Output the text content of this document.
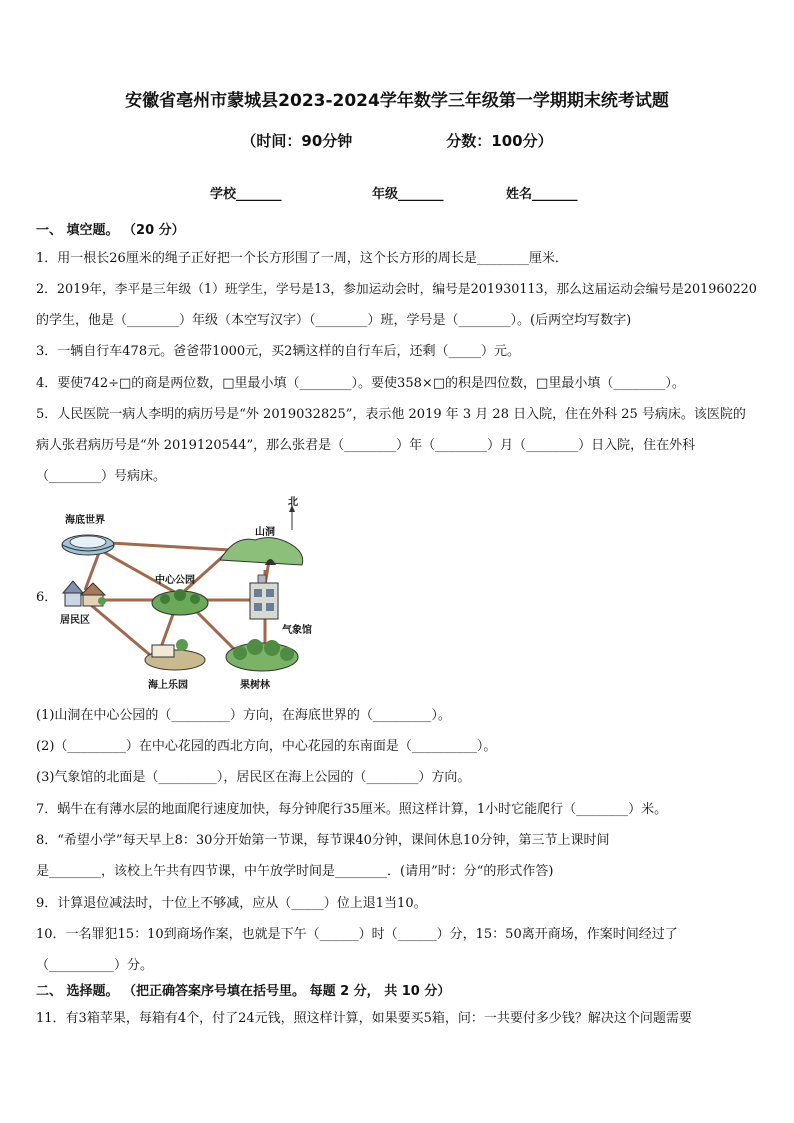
安徽省亳州市蒙城县2023-2024学年数学三年级第一学期期末统考试题
（时间：90分钟                  分数：100分）
学校_______	年级_______	姓名_______
一、 填空题。 （20 分）
1．用一根长26厘米的绳子正好把一个长方形围了一周，这个长方形的周长是________厘米．
2．2019年，李平是三年级（1）班学生，学号是13，参加运动会时，编号是201930113，那么这届运动会编号是201960220
的学生，他是（________）年级（本空写汉字）（________）班，学号是（________）。(后两空均写数字)
3．一辆自行车478元。爸爸带1000元，买2辆这样的自行车后，还剩（_____）元。
4．要使742÷□的商是两位数，□里最小填（________）。要使358×□的积是四位数，□里最小填（________）。
5．人民医院一病人李明的病历号是“外 2019032825”，表示他 2019 年 3 月 28 日入院，住在外科 25 号病床。该医院的
病人张君病历号是“外 2019120544”，那么张君是（________）年（________）月（________）日入院，住在外科
（________）号病床。
6．
北
海底世界
山洞
中心公园
居民区
气象馆
海上乐园	果树林
(1)山洞在中心公园的（_________）方向，在海底世界的（_________）。
(2)（_________）在中心花园的西北方向，中心花园的东南面是（__________）。
(3)气象馆的北面是（_________），居民区在海上公园的（________）方向。
7．蜗牛在有薄水层的地面爬行速度加快，每分钟爬行35厘米。照这样计算，1小时它能爬行（________）米。
8．“希望小学”每天早上8：30分开始第一节课，每节课40分钟，课间休息10分钟，第三节上课时间
是________，该校上午共有四节课，中午放学时间是________．(请用”时：分“的形式作答)
9．计算退位减法时，十位上不够减，应从（_____）位上退1当10。
10．一名罪犯15：10到商场作案，也就是下午（______）时（______）分，15：50离开商场，作案时间经过了
（__________）分。
二、 选择题。 （把正确答案序号填在括号里。 每题 2 分， 共 10 分）
11．有3箱苹果，每箱有4个，付了24元钱，照这样计算，如果要买5箱，问：一共要付多少钱？解决这个问题需要
